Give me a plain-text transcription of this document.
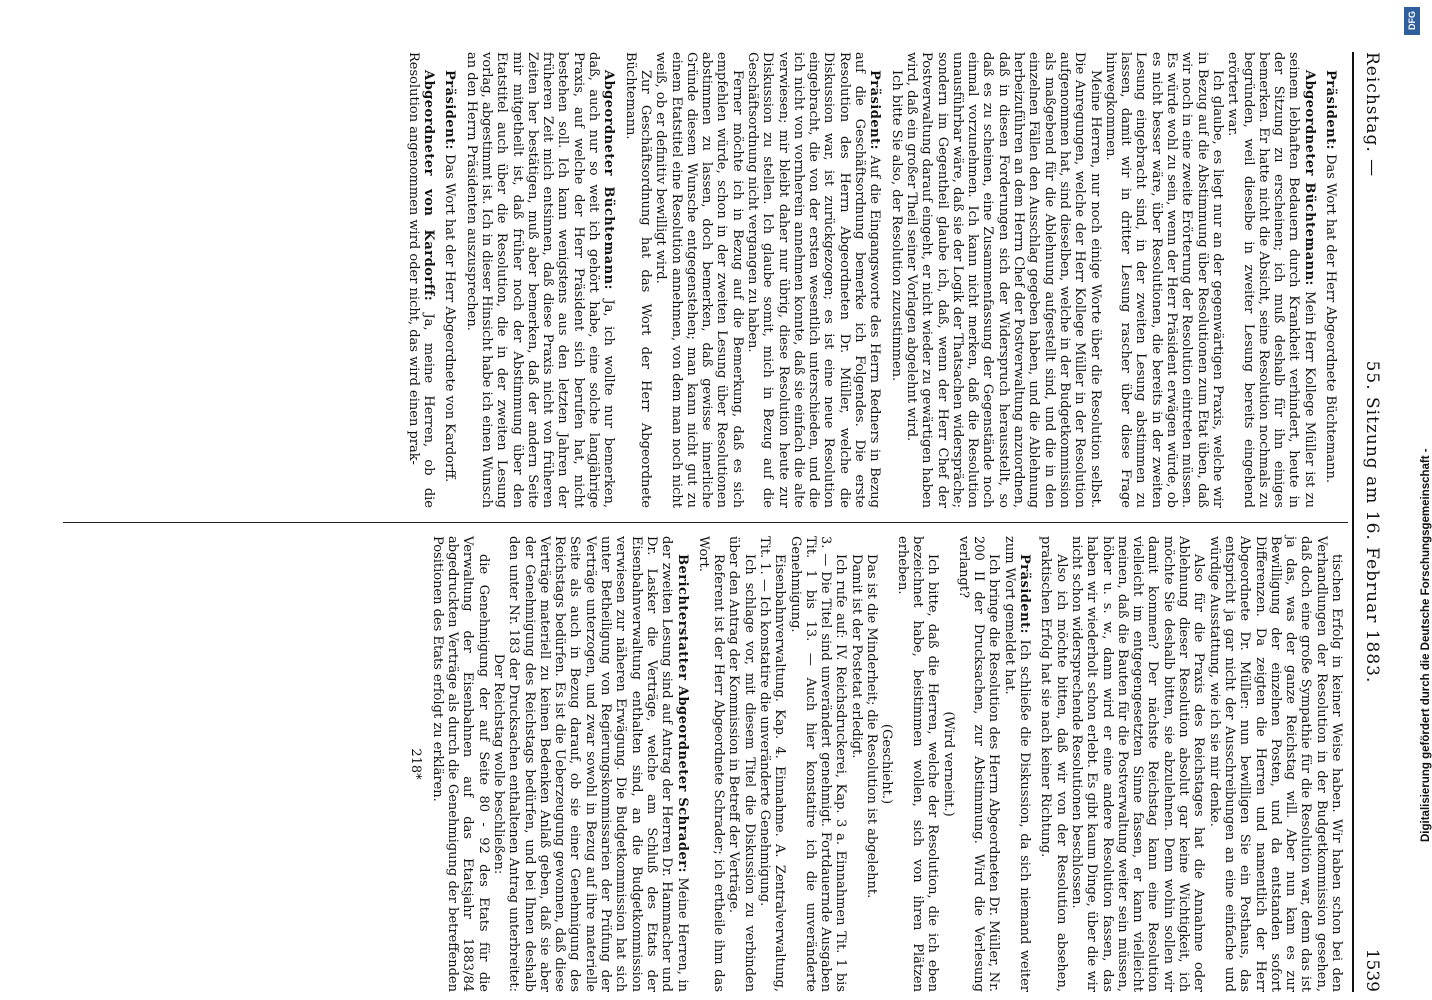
Reichstag. —
55. Sitzung am 16. Februar 1883.
1539

Präsident: Das Wort hat der Herr Abgeordnete Büchtemann.

Abgeordneter Büchtemann: Mein Herr Kollege Müller ist zu seinem lebhaften Bedauern durch Krankheit verhindert, heute in der Sitzung zu erscheinen; ich muß deshalb für ihn einiges bemerken. Er hatte nicht die Absicht, seine Resolution nochmals zu begründen, weil dieselbe in zweiter Lesung bereits eingehend erörtert war.

Ich glaube, es liegt nur an der gegenwärtigen Praxis, welche wir in Bezug auf die Abstimmung über Resolutionen zum Etat üben, daß wir noch in eine zweite Erörterung der Resolution eintreten müssen. Es würde wohl zu sein, wenn der Herr Präsident erwägen würde, ob es nicht besser wäre, über Resolutionen, die bereits in der zweiten Lesung eingebracht sind, in der zweiten Lesung abstimmen zu lassen, damit wir in dritter Lesung rascher über diese Frage hinwegkommen.

Meine Herren, nur noch einige Worte über die Resolution selbst. Die Anregungen, welche der Herr Kollege Müller in der Resolution aufgenommen hat, sind dieselben, welche in der Budgetkommission als maßgebend für die Ablehnung aufgestellt sind, und die in den einzelnen Fällen den Ausschlag gegeben haben, und die Ablehnung herbeizuführen an dem Herrn Chef der Postverwaltung anzuordnen, daß in diesen Forderungen sich der Widerspruch herausstellt, so daß es zu scheinen, eine Zusammenfassung der Gegenstände noch einmal vorzunehmen. Ich kann nicht merken, daß die Resolution unausführbar wäre, daß sie der Logik der Thatsachen widerspräche; sondern im Gegentheil glaube ich, daß, wenn der Herr Chef der Postverwaltung darauf eingeht, er nicht wieder zu gewärtigen haben wird, daß ein großer Theil seiner Vorlagen abgelehnt wird.

Ich bitte Sie also, der Resolution zuzustimmen.

Präsident: Auf die Eingangsworte des Herrn Redners in Bezug auf die Geschäftsordnung bemerke ich Folgendes. Die erste Resolution des Herrn Abgeordneten Dr. Müller, welche die Diskussion war, ist zurückgezogen; es ist eine neue Resolution eingebracht, die von der ersten wesentlich unterschieden, und die ich nicht von vornherein annehmen konnte, daß sie einfach die alte verwiesen; mir bleibt daher nur übrig, diese Resolution heute zur Diskussion zu stellen. Ich glaube somit, mich in Bezug auf die Geschäftsordnung nicht vergangen zu haben.

Ferner möchte ich in Bezug auf die Bemerkung, daß es sich empfehlen würde, schon in der zweiten Lesung über Resolutionen abstimmen zu lassen, doch bemerken, daß gewisse innerliche Gründe diesem Wunsche entgegenstehen; man kann nicht gut zu einem Etatstitel eine Resolution annehmen, von dem man noch nicht weiß, ob er definitiv bewilligt wird.

Zur Geschäftsordnung hat das Wort der Herr Abgeordnete Büchtemann.

Abgeordneter Büchtemann: Ja, ich wollte nur bemerken, daß, auch nur so weit ich gehört habe, eine solche langjährige Praxis, auf welche der Herr Präsident sich berufen hat, nicht bestehen soll. Ich kann wenigstens aus den letzten Jahren der früheren Zeit mich entsinnen, daß diese Praxis nicht von früheren Zeiten her bestätigen, muß aber bemerken, daß der andern Seite mir mitgetheilt ist, daß früher noch der Abstimmung über den Etatstitel auch über die Resolution, die in der zweiten Lesung vorlag, abgestimmt ist. Ich in dieser Hinsicht habe ich einen Wunsch an den Herrn Präsidenten auszusprechen.

Präsident: Das Wort hat der Herr Abgeordnete von Kardorff.

Abgeordneter von Kardorff: Ja, meine Herren, ob die Resolution angenommen wird oder nicht, das wird einen prak-

tischen Erfolg in keiner Weise haben. Wir haben schon bei den Verhandlungen der Resolution in der Budgetkommission gesehen, daß doch eine große Sympathie für die Resolution war, denn das ist ja das, was der ganze Reichstag will. Aber nun kam es zur Bewilligung der einzelnen Posten, und da entstanden sofort Differenzen. Da zeigten die Herren und namentlich der Herr Abgeordnete Dr. Müller: nun bewilligen Sie ein Posthaus, das entspricht ja gar nicht der Ausschreibungen an eine einfache und würdige Ausstattung, wie ich sie mir denke.

Also für die Praxis des Reichstages hat die Annahme oder Ablehnung dieser Resolution absolut gar keine Wichtigkeit, ich möchte Sie deshalb bitten, sie abzulehnen. Denn wohin sollen wir damit kommen? Der nächste Reichstag kann eine Resolution vielleicht im entgegengesetzten Sinne fassen, er kann vielleicht meinen, daß die Bauten für die Postverwaltung weiter sein müssen, höher u. s. w., dann wird er eine andere Resolution fassen, das haben wir wiederholt schon erlebt. Es gibt kaum Dinge, über die wir nicht schon widersprechende Resolutionen beschlossen.

Also ich möchte bitten, daß wir von der Resolution absehen, praktischen Erfolg hat sie nach keiner Richtung.

Präsident: Ich schließe die Diskussion, da sich niemand weiter zum Wort gemeldet hat.

Ich bringe die Resolution des Herrn Abgeordneten Dr. Müller, Nr. 200 II der Drucksachen, zur Abstimmung. Wird die Verlesung verlangt?

(Wird verneint.)

Ich bitte, daß die Herren, welche der Resolution, die ich eben bezeichnet habe, beistimmen wollen, sich von ihren Plätzen erheben.

(Geschieht.)

Das ist die Minderheit; die Resolution ist abgelehnt.

Damit ist der Postetat erledigt.

Ich rufe auf: IV. Reichsdruckerei, Kap. 3 a. Einnahmen Tit. 1 bis 3. — Die Titel sind unverändert genehmigt. Fortdauernde Ausgaben Tit. 1 bis 13. — Auch hier konstatire ich die unveränderte Genehmigung.

Eisenbahnverwaltung. Kap. 4. Einnahme. A. Zentralverwaltung, Tit. 1. — Ich konstatire die unveränderte Genehmigung.

Ich schlage vor, mit diesem Titel die Diskussion zu verbinden über den Antrag der Kommission in Betreff der Verträge.

Referent ist der Herr Abgeordnete Schrader; ich ertheile ihm das Wort.

Berichterstatter Abgeordneter Schrader: Meine Herren, in der zweiten Lesung sind auf Antrag der Herren Dr. Hammacher und Dr. Lasker die Verträge, welche am Schluß des Etats der Eisenbahnverwaltung enthalten sind, an die Budgetkommission verwiesen zur näheren Erwägung. Die Budgetkommission hat sich unter Betheiligung von Regierungskommissarien der Prüfung der Verträge unterzogen, und zwar sowohl in Bezug auf ihre materielle Seite als auch in Bezug darauf, ob sie einer Genehmigung des Reichstags bedürfen. Es ist die Ueberzeugung gewonnen, daß diese Verträge materiell zu keinen Bedenken Anlaß geben, daß sie aber der Genehmigung des Reichstags bedürfen, und bei Ihnen deshalb den unter Nr. 183 der Drucksachen enthaltenen Antrag unterbreitet:

Der Reichstag wolle beschließen:

die Genehmigung der auf Seite 80 - 92 des Etats für die Verwaltung der Eisenbahnen auf das Etatsjahr 1883/84 abgedruckten Verträge als durch die Genehmigung der betreffenden Positionen des Etats erfolgt zu erklären.

218*	Digitalisierung gefördert durch die Deutsche Forschungsgemeinschaft -
DFG
